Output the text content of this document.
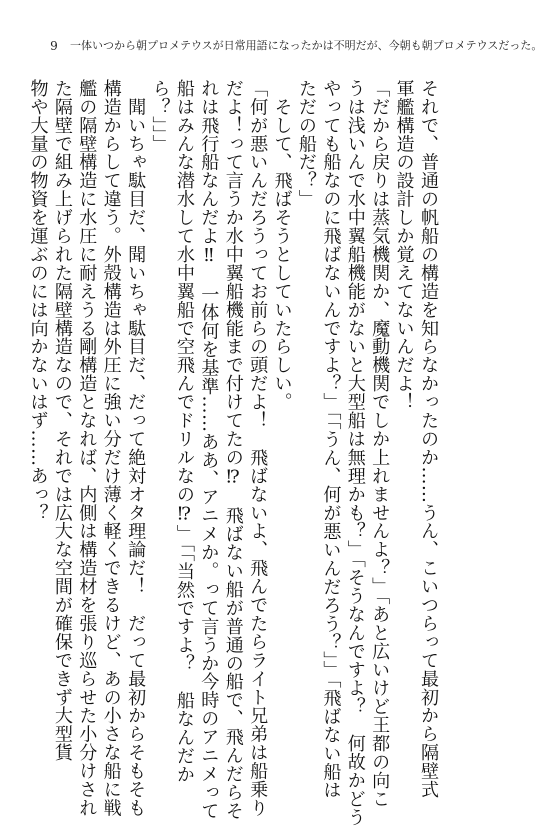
9	一体いつから朝プロメテウスが日常用語になったかは不明だが、今朝も朝プロメテウスだった。
それで、普通の帆船の構造を知らなかったのか……うん、こいつらって最初から隔壁式
軍艦構造の設計しか覚えてないんだよ！
「だから戻りは蒸気機関か、魔動機関でしか上れませんよ？」「あと広いけど王都の向こ
うは浅いんで水中翼船機能がないと大型船は無理かも？」「そうなんですよ？　何故かどう
やっても船なのに飛ばないんですよ？」「「うん、何が悪いんだろう？」」「飛ばない船は
ただの船だ？」
　そして、飛ばそうとしていたらしい。
「何が悪いんだろうってお前らの頭だよ！　飛ばないよ、飛んでたらライト兄弟は船乗り
だよ！って言うか水中翼船機能まで付けてたの⁉　飛ばない船が普通の船で、飛んだらそ
れは飛行船なんだよ‼　一体何を基準……ああ、アニメか。って言うか今時のアニメって
船はみんな潜水して水中翼船で空飛んでドリルなの⁉」「「当然ですよ？　船なんだか
ら？」」」
　聞いちゃ駄目だ、聞いちゃ駄目だ、だって絶対オタ理論だ！　だって最初からそもそも
構造からして違う。外殻構造は外圧に強い分だけ薄く軽くできるけど、あの小さな船に戦
艦の隔壁構造に水圧に耐えうる剛構造となれば、内側は構造材を張り巡らせた小分けされ
た隔壁で組み上げられた隔壁構造なので、それでは広大な空間が確保できず大型貨
物や大量の物資を運ぶのには向かないはず……あっ？
